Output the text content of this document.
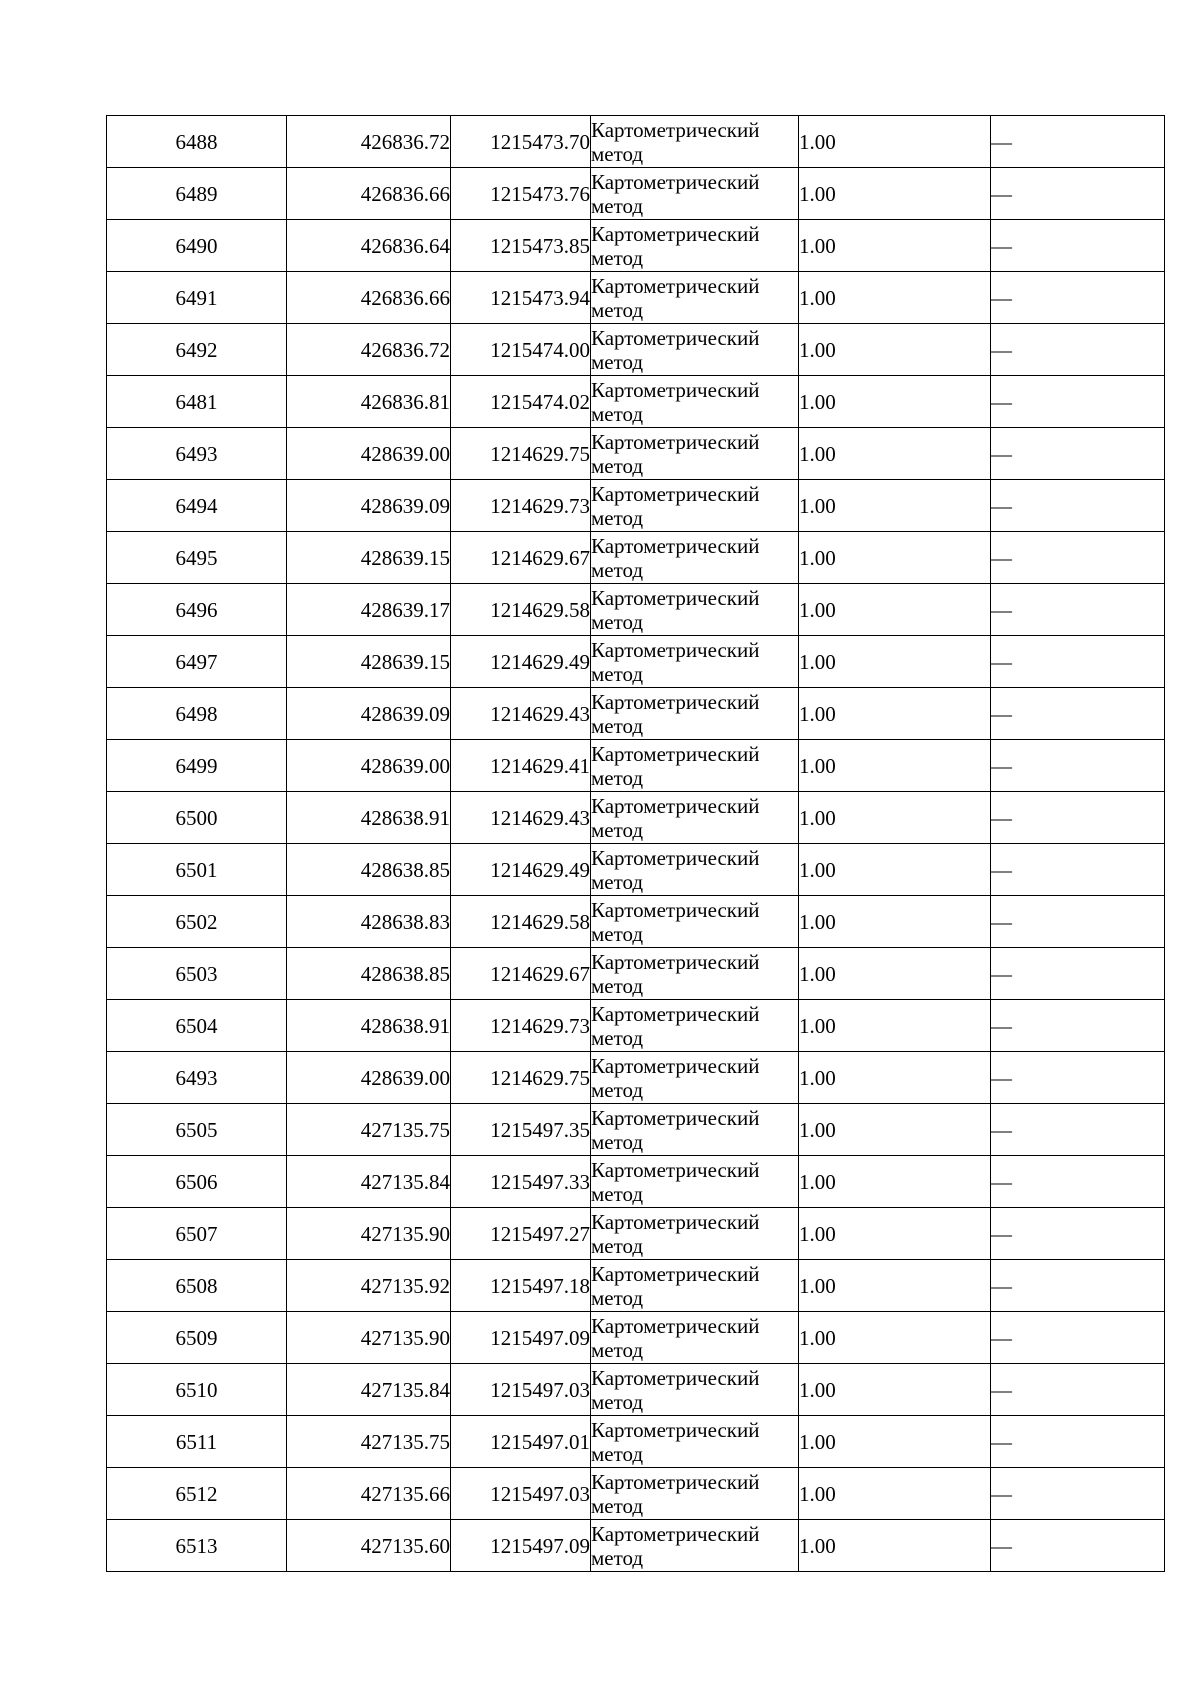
6488	426836.72	1215473.70	Картометрический метод	1.00	—
6489	426836.66	1215473.76	Картометрический метод	1.00	—
6490	426836.64	1215473.85	Картометрический метод	1.00	—
6491	426836.66	1215473.94	Картометрический метод	1.00	—
6492	426836.72	1215474.00	Картометрический метод	1.00	—
6481	426836.81	1215474.02	Картометрический метод	1.00	—
6493	428639.00	1214629.75	Картометрический метод	1.00	—
6494	428639.09	1214629.73	Картометрический метод	1.00	—
6495	428639.15	1214629.67	Картометрический метод	1.00	—
6496	428639.17	1214629.58	Картометрический метод	1.00	—
6497	428639.15	1214629.49	Картометрический метод	1.00	—
6498	428639.09	1214629.43	Картометрический метод	1.00	—
6499	428639.00	1214629.41	Картометрический метод	1.00	—
6500	428638.91	1214629.43	Картометрический метод	1.00	—
6501	428638.85	1214629.49	Картометрический метод	1.00	—
6502	428638.83	1214629.58	Картометрический метод	1.00	—
6503	428638.85	1214629.67	Картометрический метод	1.00	—
6504	428638.91	1214629.73	Картометрический метод	1.00	—
6493	428639.00	1214629.75	Картометрический метод	1.00	—
6505	427135.75	1215497.35	Картометрический метод	1.00	—
6506	427135.84	1215497.33	Картометрический метод	1.00	—
6507	427135.90	1215497.27	Картометрический метод	1.00	—
6508	427135.92	1215497.18	Картометрический метод	1.00	—
6509	427135.90	1215497.09	Картометрический метод	1.00	—
6510	427135.84	1215497.03	Картометрический метод	1.00	—
6511	427135.75	1215497.01	Картометрический метод	1.00	—
6512	427135.66	1215497.03	Картометрический метод	1.00	—
6513	427135.60	1215497.09	Картометрический метод	1.00	—
